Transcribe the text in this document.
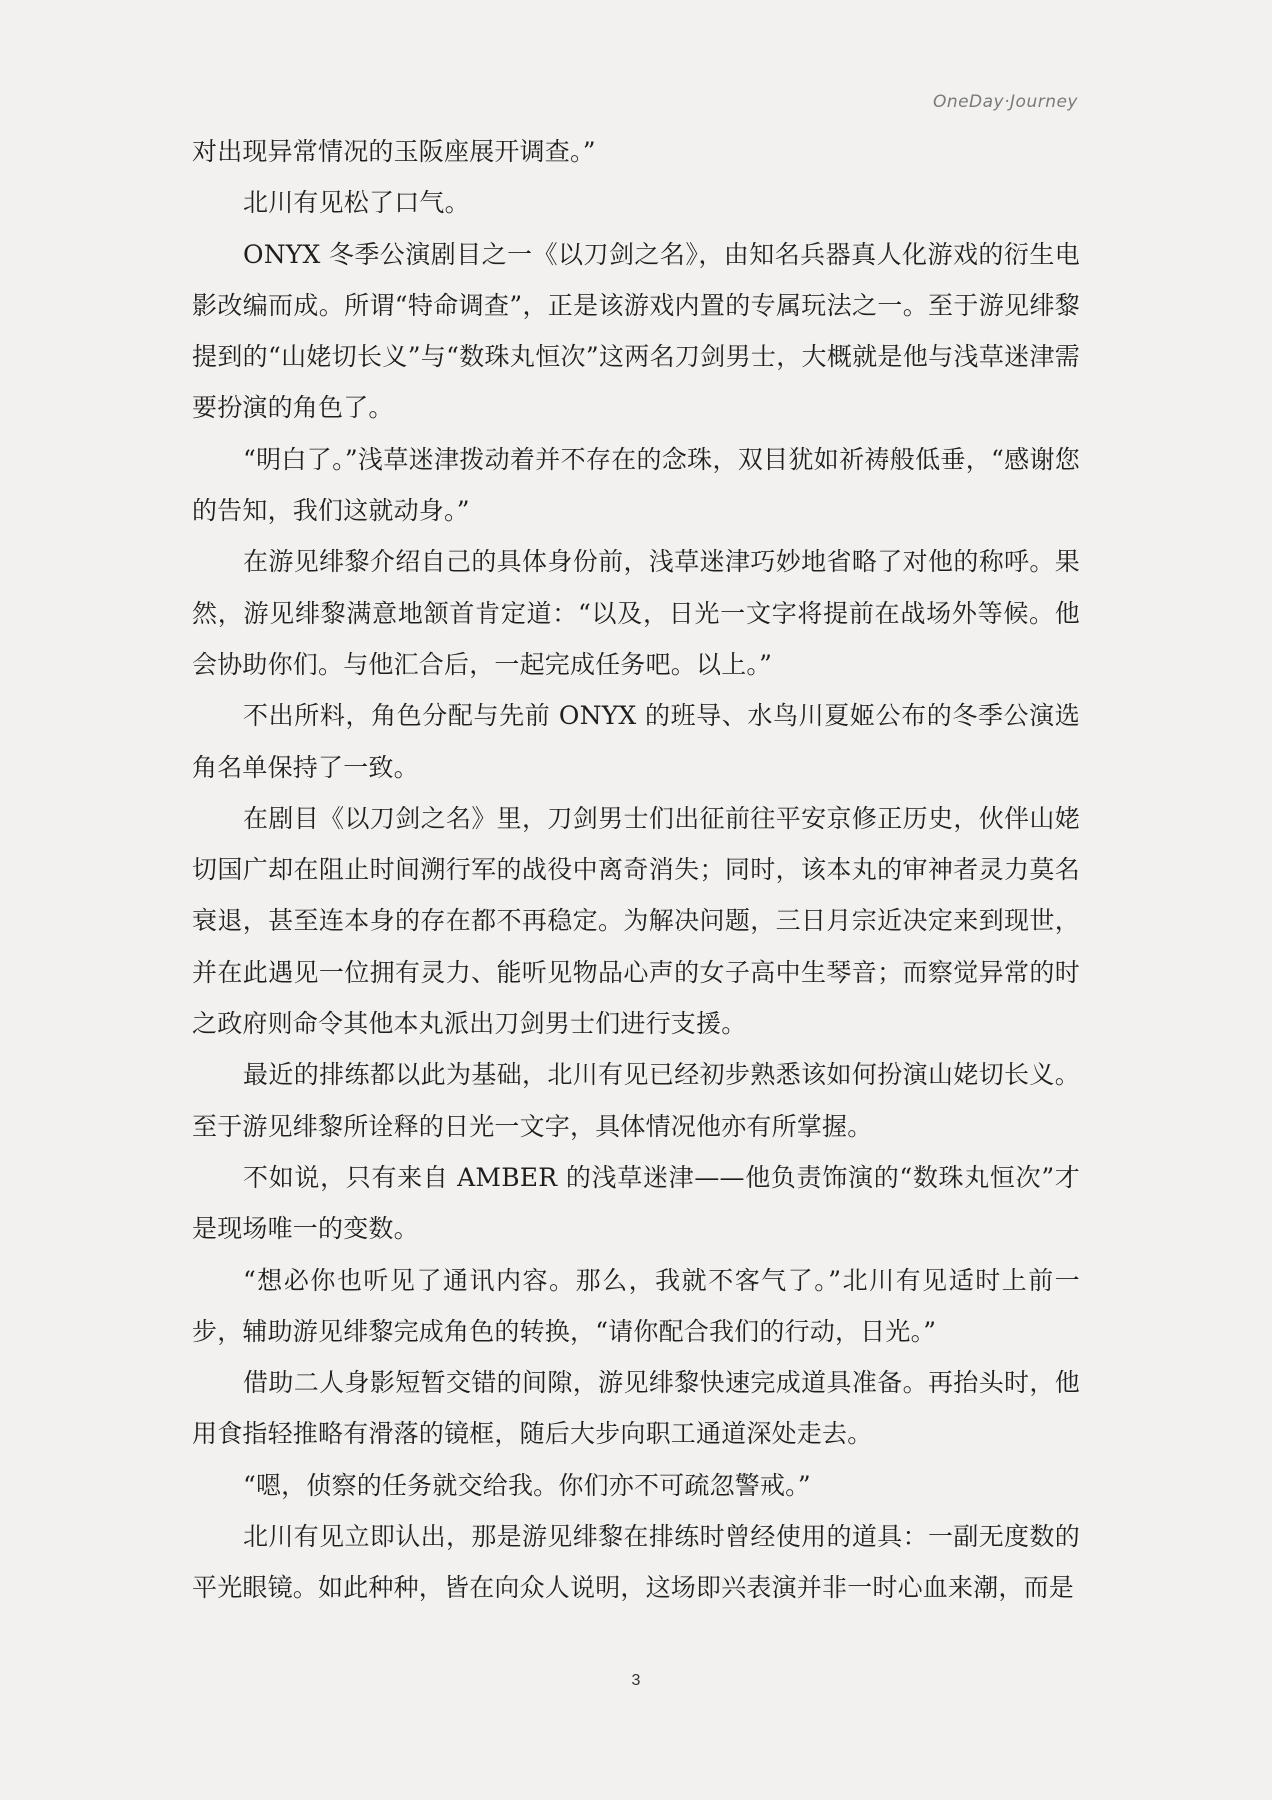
OneDay·Journey

对出现异常情况的玉阪座展开调查。”

北川有见松了口气。

ONYX 冬季公演剧目之一《以刀剑之名》，由知名兵器真人化游戏的衍生电影改编而成。所谓“特命调查”，正是该游戏内置的专属玩法之一。至于游见绯黎提到的“山姥切长义”与“数珠丸恒次”这两名刀剑男士，大概就是他与浅草迷津需要扮演的角色了。

“明白了。”浅草迷津拨动着并不存在的念珠，双目犹如祈祷般低垂，“感谢您的告知，我们这就动身。”

在游见绯黎介绍自己的具体身份前，浅草迷津巧妙地省略了对他的称呼。果然，游见绯黎满意地颔首肯定道：“以及，日光一文字将提前在战场外等候。他会协助你们。与他汇合后，一起完成任务吧。以上。”

不出所料，角色分配与先前 ONYX 的班导、水鸟川夏姬公布的冬季公演选角名单保持了一致。

在剧目《以刀剑之名》里，刀剑男士们出征前往平安京修正历史，伙伴山姥切国广却在阻止时间溯行军的战役中离奇消失；同时，该本丸的审神者灵力莫名衰退，甚至连本身的存在都不再稳定。为解决问题，三日月宗近决定来到现世，并在此遇见一位拥有灵力、能听见物品心声的女子高中生琴音；而察觉异常的时之政府则命令其他本丸派出刀剑男士们进行支援。

最近的排练都以此为基础，北川有见已经初步熟悉该如何扮演山姥切长义。至于游见绯黎所诠释的日光一文字，具体情况他亦有所掌握。

不如说，只有来自 AMBER 的浅草迷津——他负责饰演的“数珠丸恒次”才是现场唯一的变数。

“想必你也听见了通讯内容。那么，我就不客气了。”北川有见适时上前一步，辅助游见绯黎完成角色的转换，“请你配合我们的行动，日光。”

借助二人身影短暂交错的间隙，游见绯黎快速完成道具准备。再抬头时，他用食指轻推略有滑落的镜框，随后大步向职工通道深处走去。

“嗯，侦察的任务就交给我。你们亦不可疏忽警戒。”

北川有见立即认出，那是游见绯黎在排练时曾经使用的道具：一副无度数的平光眼镜。如此种种，皆在向众人说明，这场即兴表演并非一时心血来潮，而是

3
